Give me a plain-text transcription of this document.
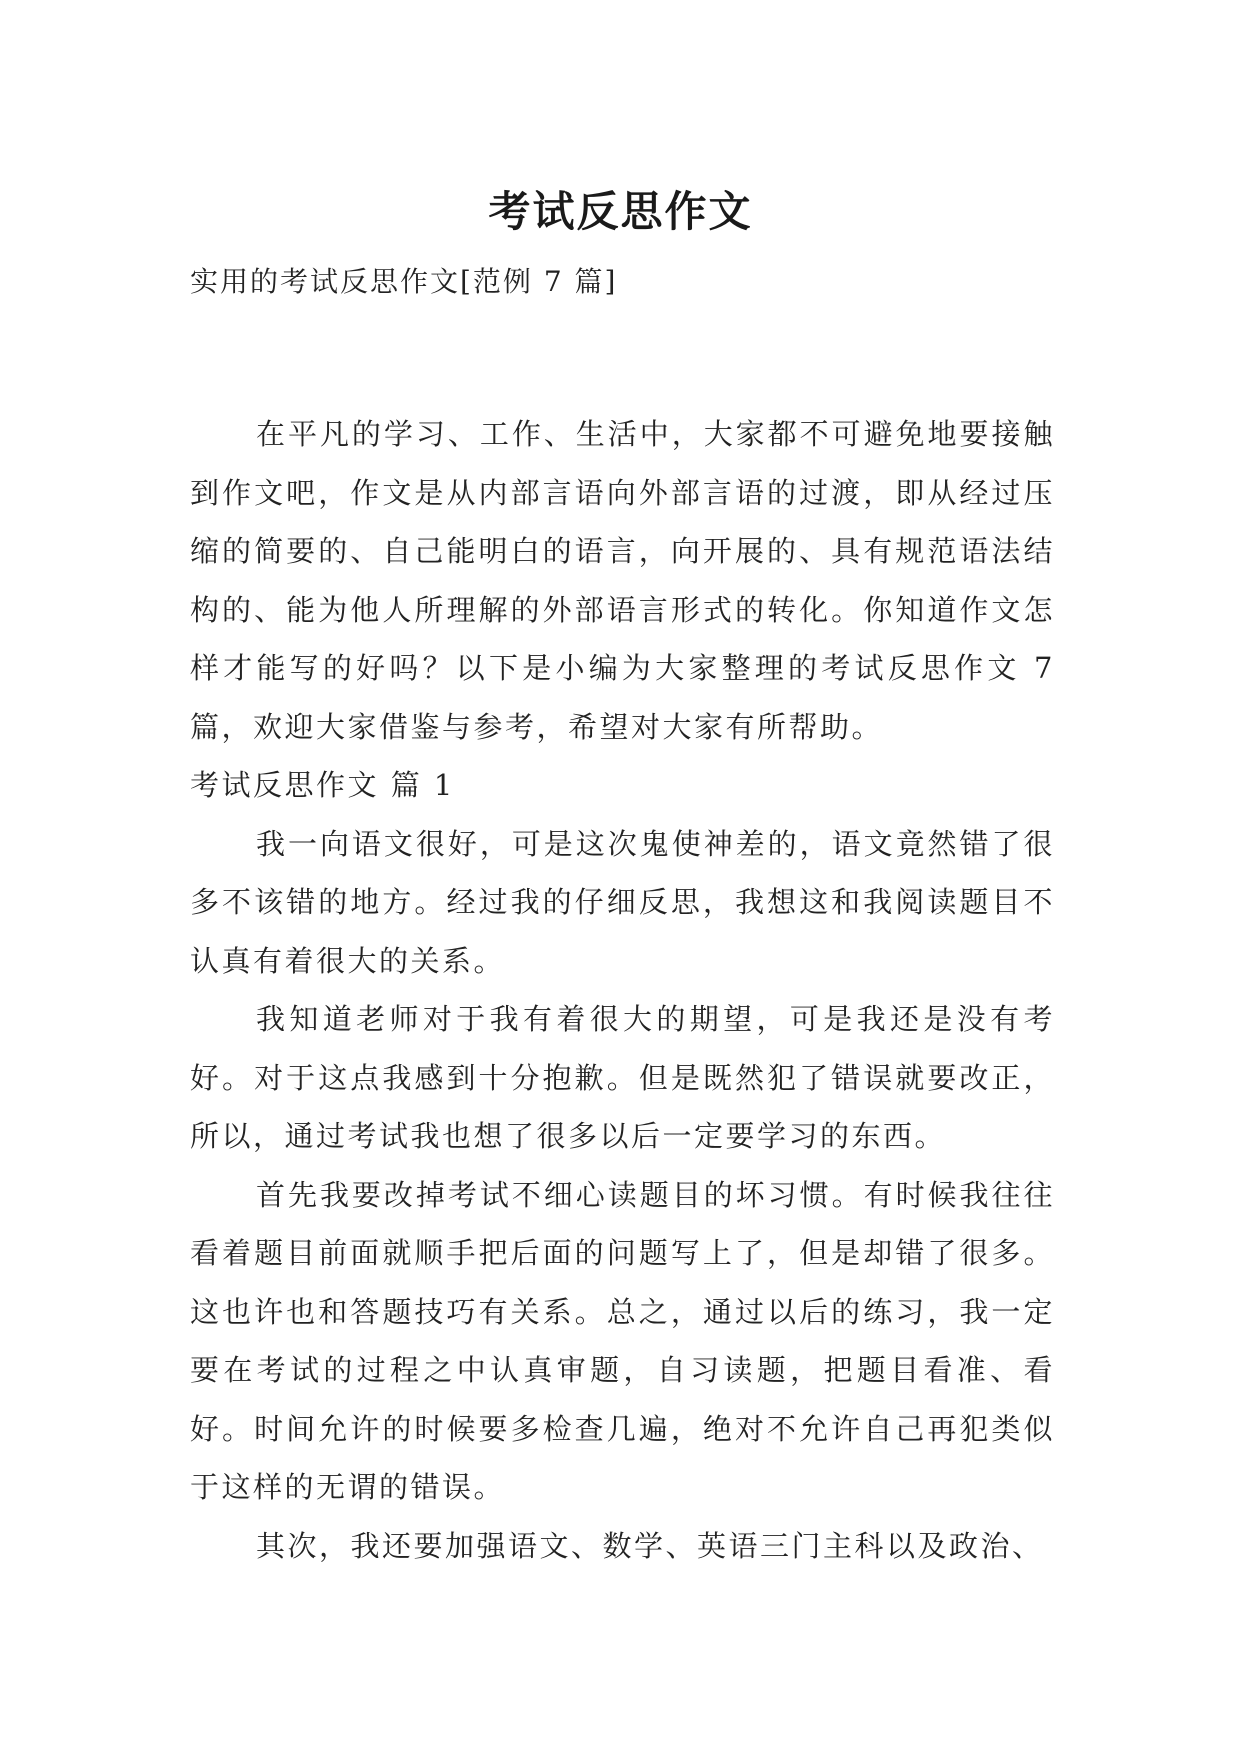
考试反思作文
实用的考试反思作文[范例 7 篇]

在平凡的学习、工作、生活中，大家都不可避免地要接触到作文吧，作文是从内部言语向外部言语的过渡，即从经过压缩的简要的、自己能明白的语言，向开展的、具有规范语法结构的、能为他人所理解的外部语言形式的转化。你知道作文怎样才能写的好吗？以下是小编为大家整理的考试反思作文 7 篇，欢迎大家借鉴与参考，希望对大家有所帮助。

考试反思作文 篇 1

我一向语文很好，可是这次鬼使神差的，语文竟然错了很多不该错的地方。经过我的仔细反思，我想这和我阅读题目不认真有着很大的关系。

我知道老师对于我有着很大的期望，可是我还是没有考好。对于这点我感到十分抱歉。但是既然犯了错误就要改正，所以，通过考试我也想了很多以后一定要学习的东西。

首先我要改掉考试不细心读题目的坏习惯。有时候我往往看着题目前面就顺手把后面的问题写上了，但是却错了很多。这也许也和答题技巧有关系。总之，通过以后的练习，我一定要在考试的过程之中认真审题，自习读题，把题目看准、看好。时间允许的时候要多检查几遍，绝对不允许自己再犯类似于这样的无谓的错误。

其次，我还要加强语文、数学、英语三门主科以及政治、
